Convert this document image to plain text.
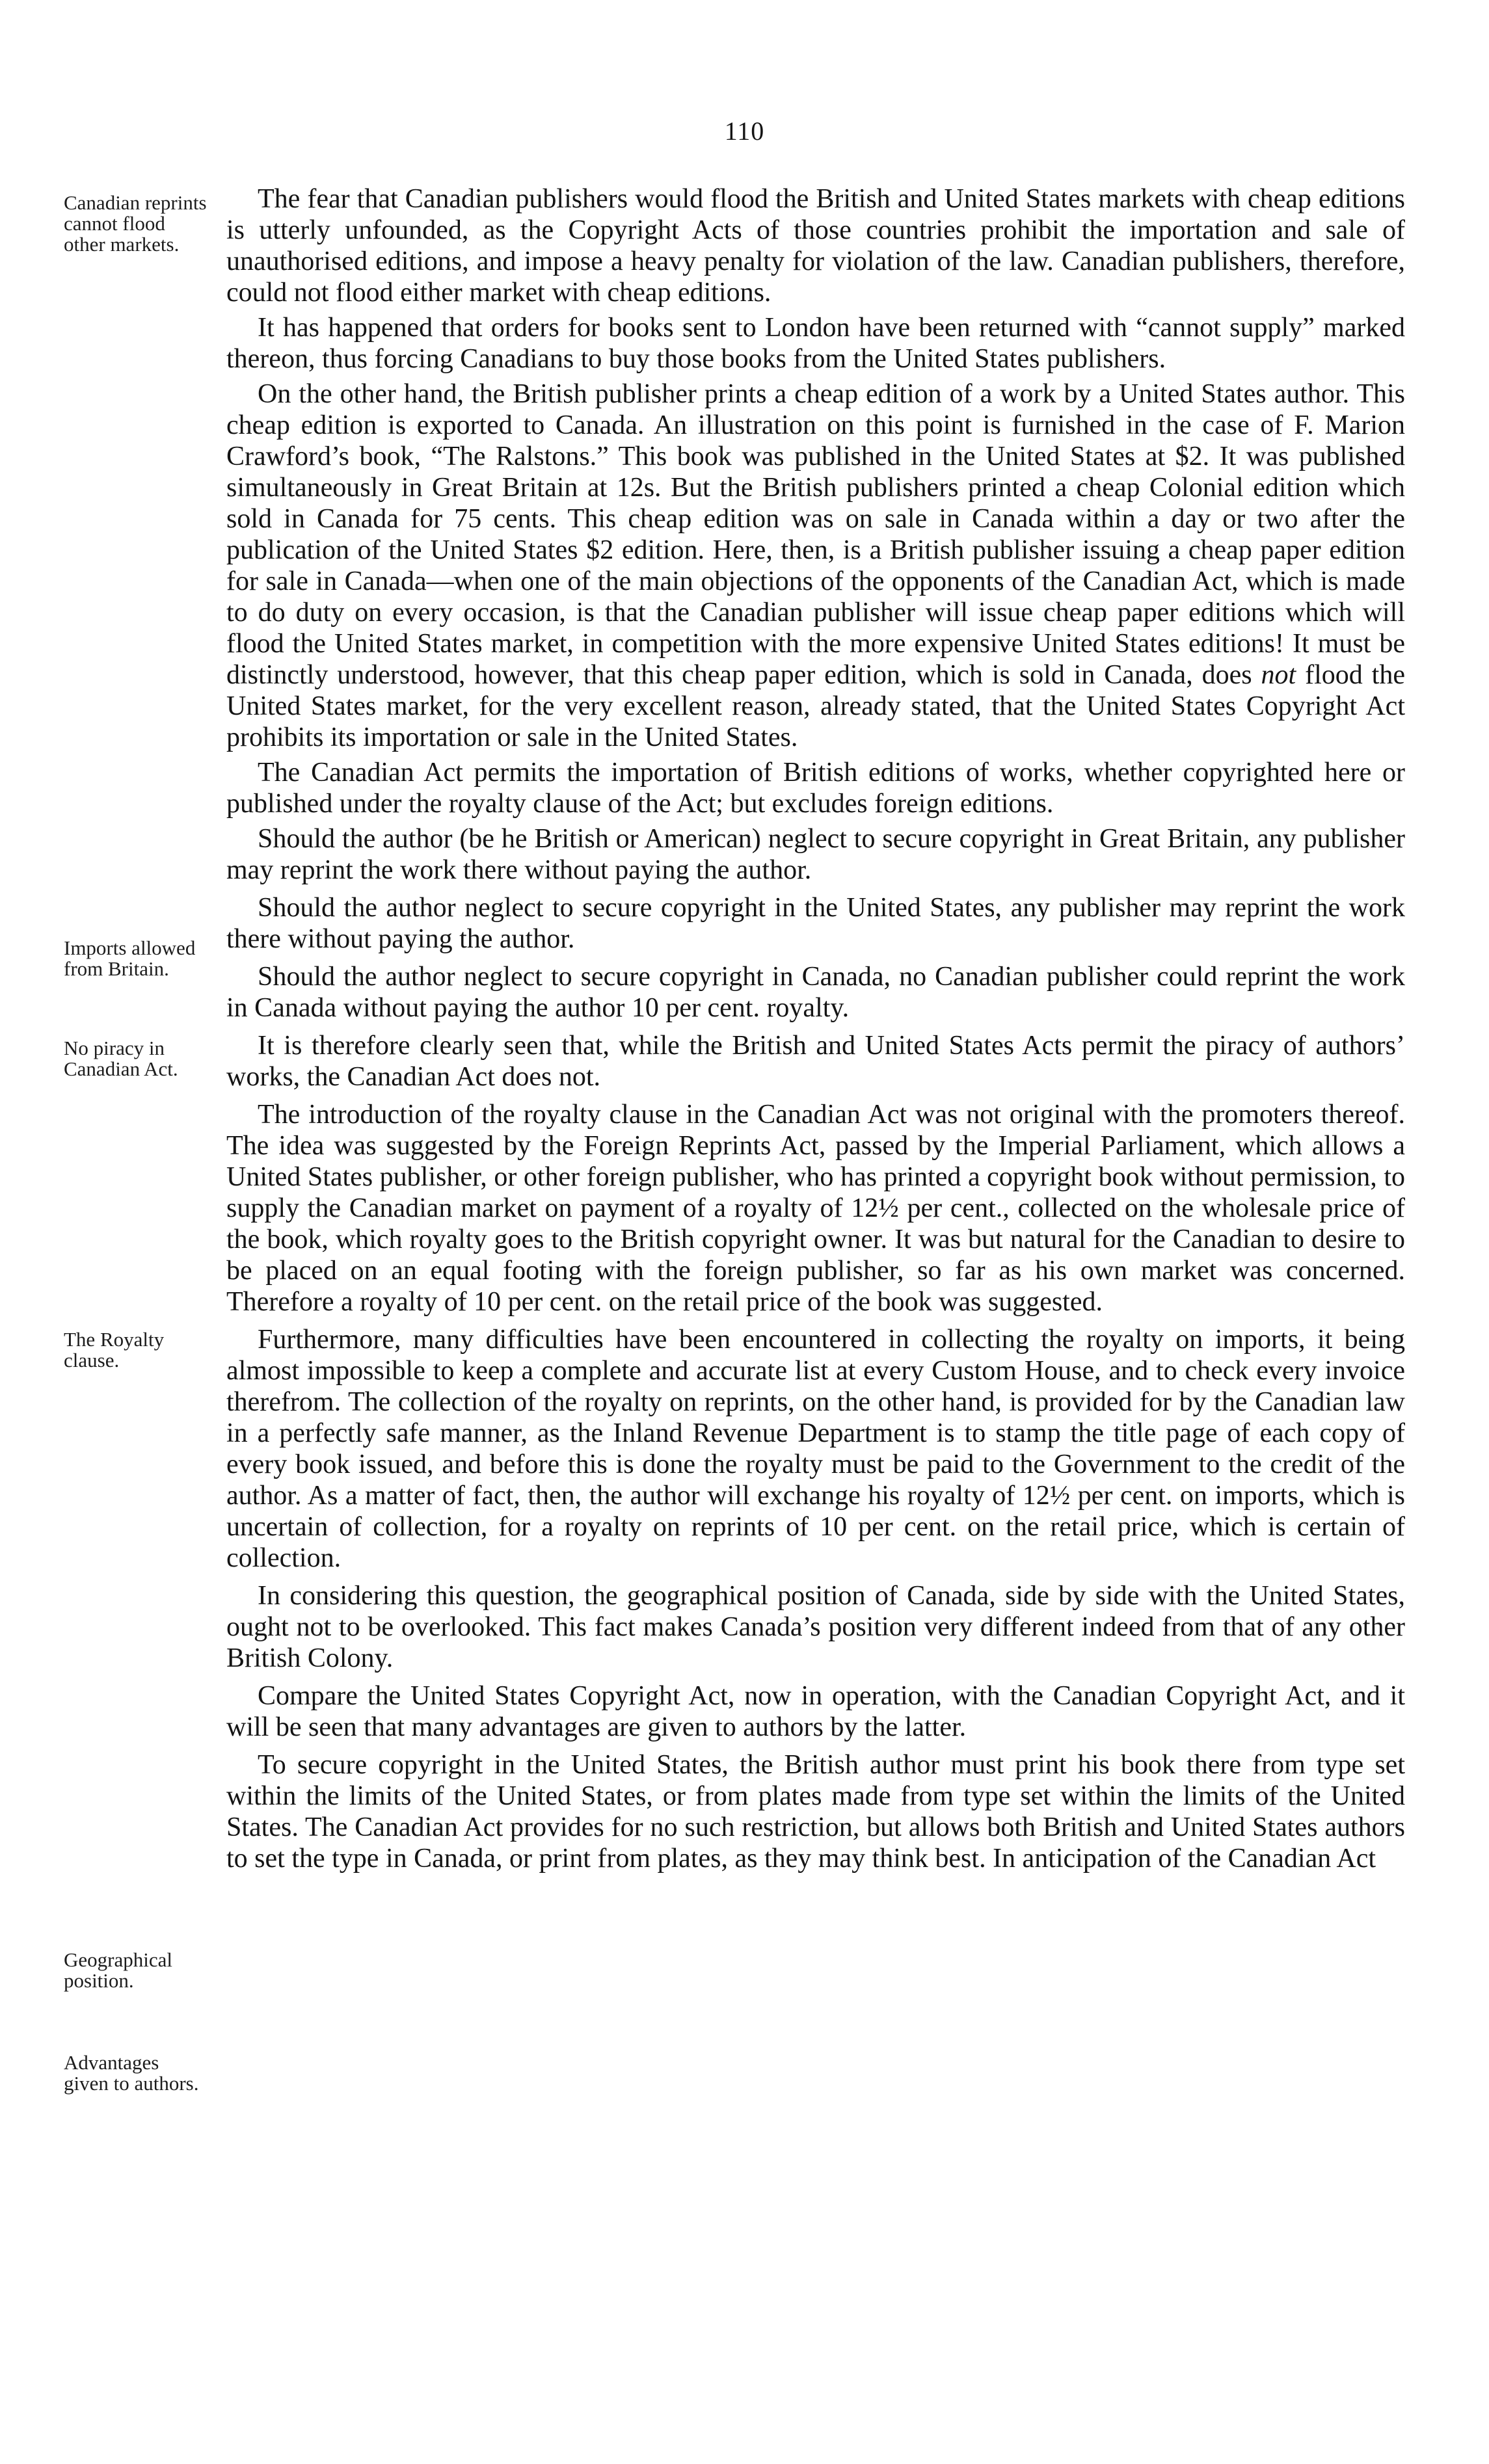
110
Canadian reprints cannot flood other markets.
Imports allowed from Britain.
No piracy in Canadian Act.
The Royalty clause.
Geographical position.
Advantages given to authors.

The fear that Canadian publishers would flood the British and United States markets with cheap editions is utterly unfounded, as the Copyright Acts of those countries prohibit the importation and sale of unauthorised editions, and impose a heavy penalty for violation of the law. Canadian publishers, therefore, could not flood either market with cheap editions.

It has happened that orders for books sent to London have been returned with “cannot supply” marked thereon, thus forcing Canadians to buy those books from the United States publishers.

On the other hand, the British publisher prints a cheap edition of a work by a United States author. This cheap edition is exported to Canada. An illustration on this point is furnished in the case of F. Marion Crawford’s book, “The Ralstons.” This book was published in the United States at $2. It was published simultaneously in Great Britain at 12s. But the British publishers printed a cheap Colonial edition which sold in Canada for 75 cents. This cheap edition was on sale in Canada within a day or two after the publication of the United States $2 edition. Here, then, is a British publisher issuing a cheap paper edition for sale in Canada—when one of the main objections of the opponents of the Canadian Act, which is made to do duty on every occasion, is that the Canadian publisher will issue cheap paper editions which will flood the United States market, in competition with the more expensive United States editions! It must be distinctly understood, however, that this cheap paper edition, which is sold in Canada, does not flood the United States market, for the very excellent reason, already stated, that the United States Copyright Act prohibits its importation or sale in the United States.

The Canadian Act permits the importation of British editions of works, whether copyrighted here or published under the royalty clause of the Act; but excludes foreign editions.

Should the author (be he British or American) neglect to secure copyright in Great Britain, any publisher may reprint the work there without paying the author.

Should the author neglect to secure copyright in the United States, any publisher may reprint the work there without paying the author.

Should the author neglect to secure copyright in Canada, no Canadian publisher could reprint the work in Canada without paying the author 10 per cent. royalty.

It is therefore clearly seen that, while the British and United States Acts permit the piracy of authors’ works, the Canadian Act does not.

The introduction of the royalty clause in the Canadian Act was not original with the promoters thereof. The idea was suggested by the Foreign Reprints Act, passed by the Imperial Parliament, which allows a United States publisher, or other foreign publisher, who has printed a copyright book without permission, to supply the Canadian market on payment of a royalty of 12½ per cent., collected on the wholesale price of the book, which royalty goes to the British copyright owner. It was but natural for the Canadian to desire to be placed on an equal footing with the foreign publisher, so far as his own market was concerned. Therefore a royalty of 10 per cent. on the retail price of the book was suggested.

Furthermore, many difficulties have been encountered in collecting the royalty on imports, it being almost impossible to keep a complete and accurate list at every Custom House, and to check every invoice therefrom. The collection of the royalty on reprints, on the other hand, is provided for by the Canadian law in a perfectly safe manner, as the Inland Revenue Department is to stamp the title page of each copy of every book issued, and before this is done the royalty must be paid to the Government to the credit of the author. As a matter of fact, then, the author will exchange his royalty of 12½ per cent. on imports, which is uncertain of collection, for a royalty on reprints of 10 per cent. on the retail price, which is certain of collection.

In considering this question, the geographical position of Canada, side by side with the United States, ought not to be overlooked. This fact makes Canada’s position very different indeed from that of any other British Colony.

Compare the United States Copyright Act, now in operation, with the Canadian Copyright Act, and it will be seen that many advantages are given to authors by the latter.

To secure copyright in the United States, the British author must print his book there from type set within the limits of the United States, or from plates made from type set within the limits of the United States. The Canadian Act provides for no such restriction, but allows both British and United States authors to set the type in Canada, or print from plates, as they may think best. In anticipation of the Canadian Act
